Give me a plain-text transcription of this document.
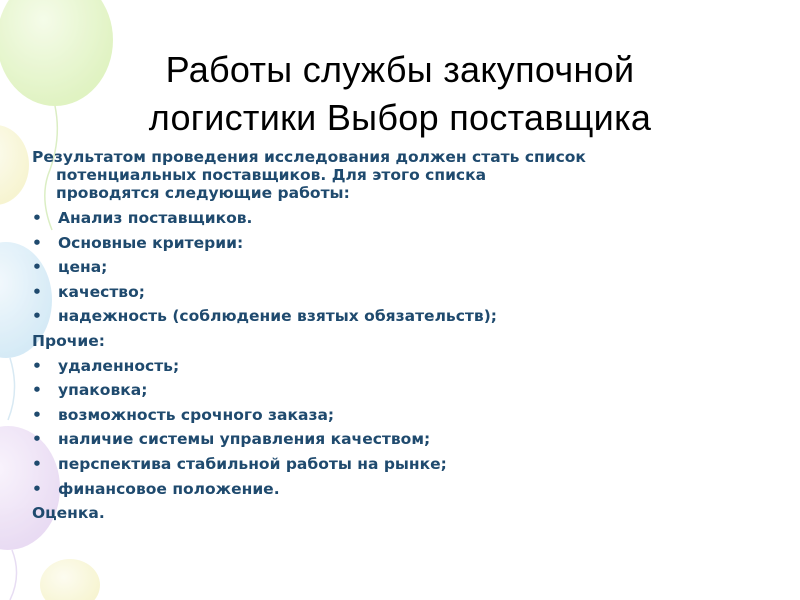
Работы службы закупочной
логистики Выбор поставщика
Результатом проведения исследования должен стать список
потенциальных поставщиков. Для этого списка
проводятся следующие работы:
• Анализ поставщиков.
• Основные критерии:
• цена;
• качество;
• надежность (соблюдение взятых обязательств);
Прочие:
• удаленность;
• упаковка;
• возможность срочного заказа;
• наличие системы управления качеством;
• перспектива стабильной работы на рынке;
• финансовое положение.
Оценка.
